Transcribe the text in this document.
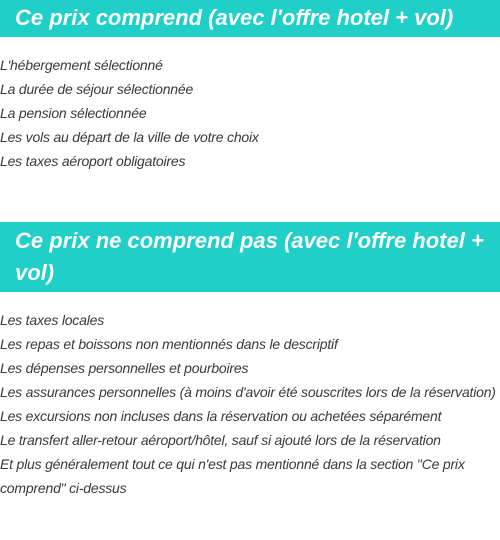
Ce prix comprend (avec l'offre hotel + vol)
L'hébergement sélectionné
La durée de séjour sélectionnée
La pension sélectionnée
Les vols au départ de la ville de votre choix
Les taxes aéroport obligatoires
Ce prix ne comprend pas (avec l'offre hotel + vol)
Les taxes locales
Les repas et boissons non mentionnés dans le descriptif
Les dépenses personnelles et pourboires
Les assurances personnelles (à moins d'avoir été souscrites lors de la réservation)
Les excursions non incluses dans la réservation ou achetées séparément
Le transfert aller-retour aéroport/hôtel, sauf si ajouté lors de la réservation
Et plus généralement tout ce qui n'est pas mentionné dans la section "Ce prix comprend" ci-dessus
